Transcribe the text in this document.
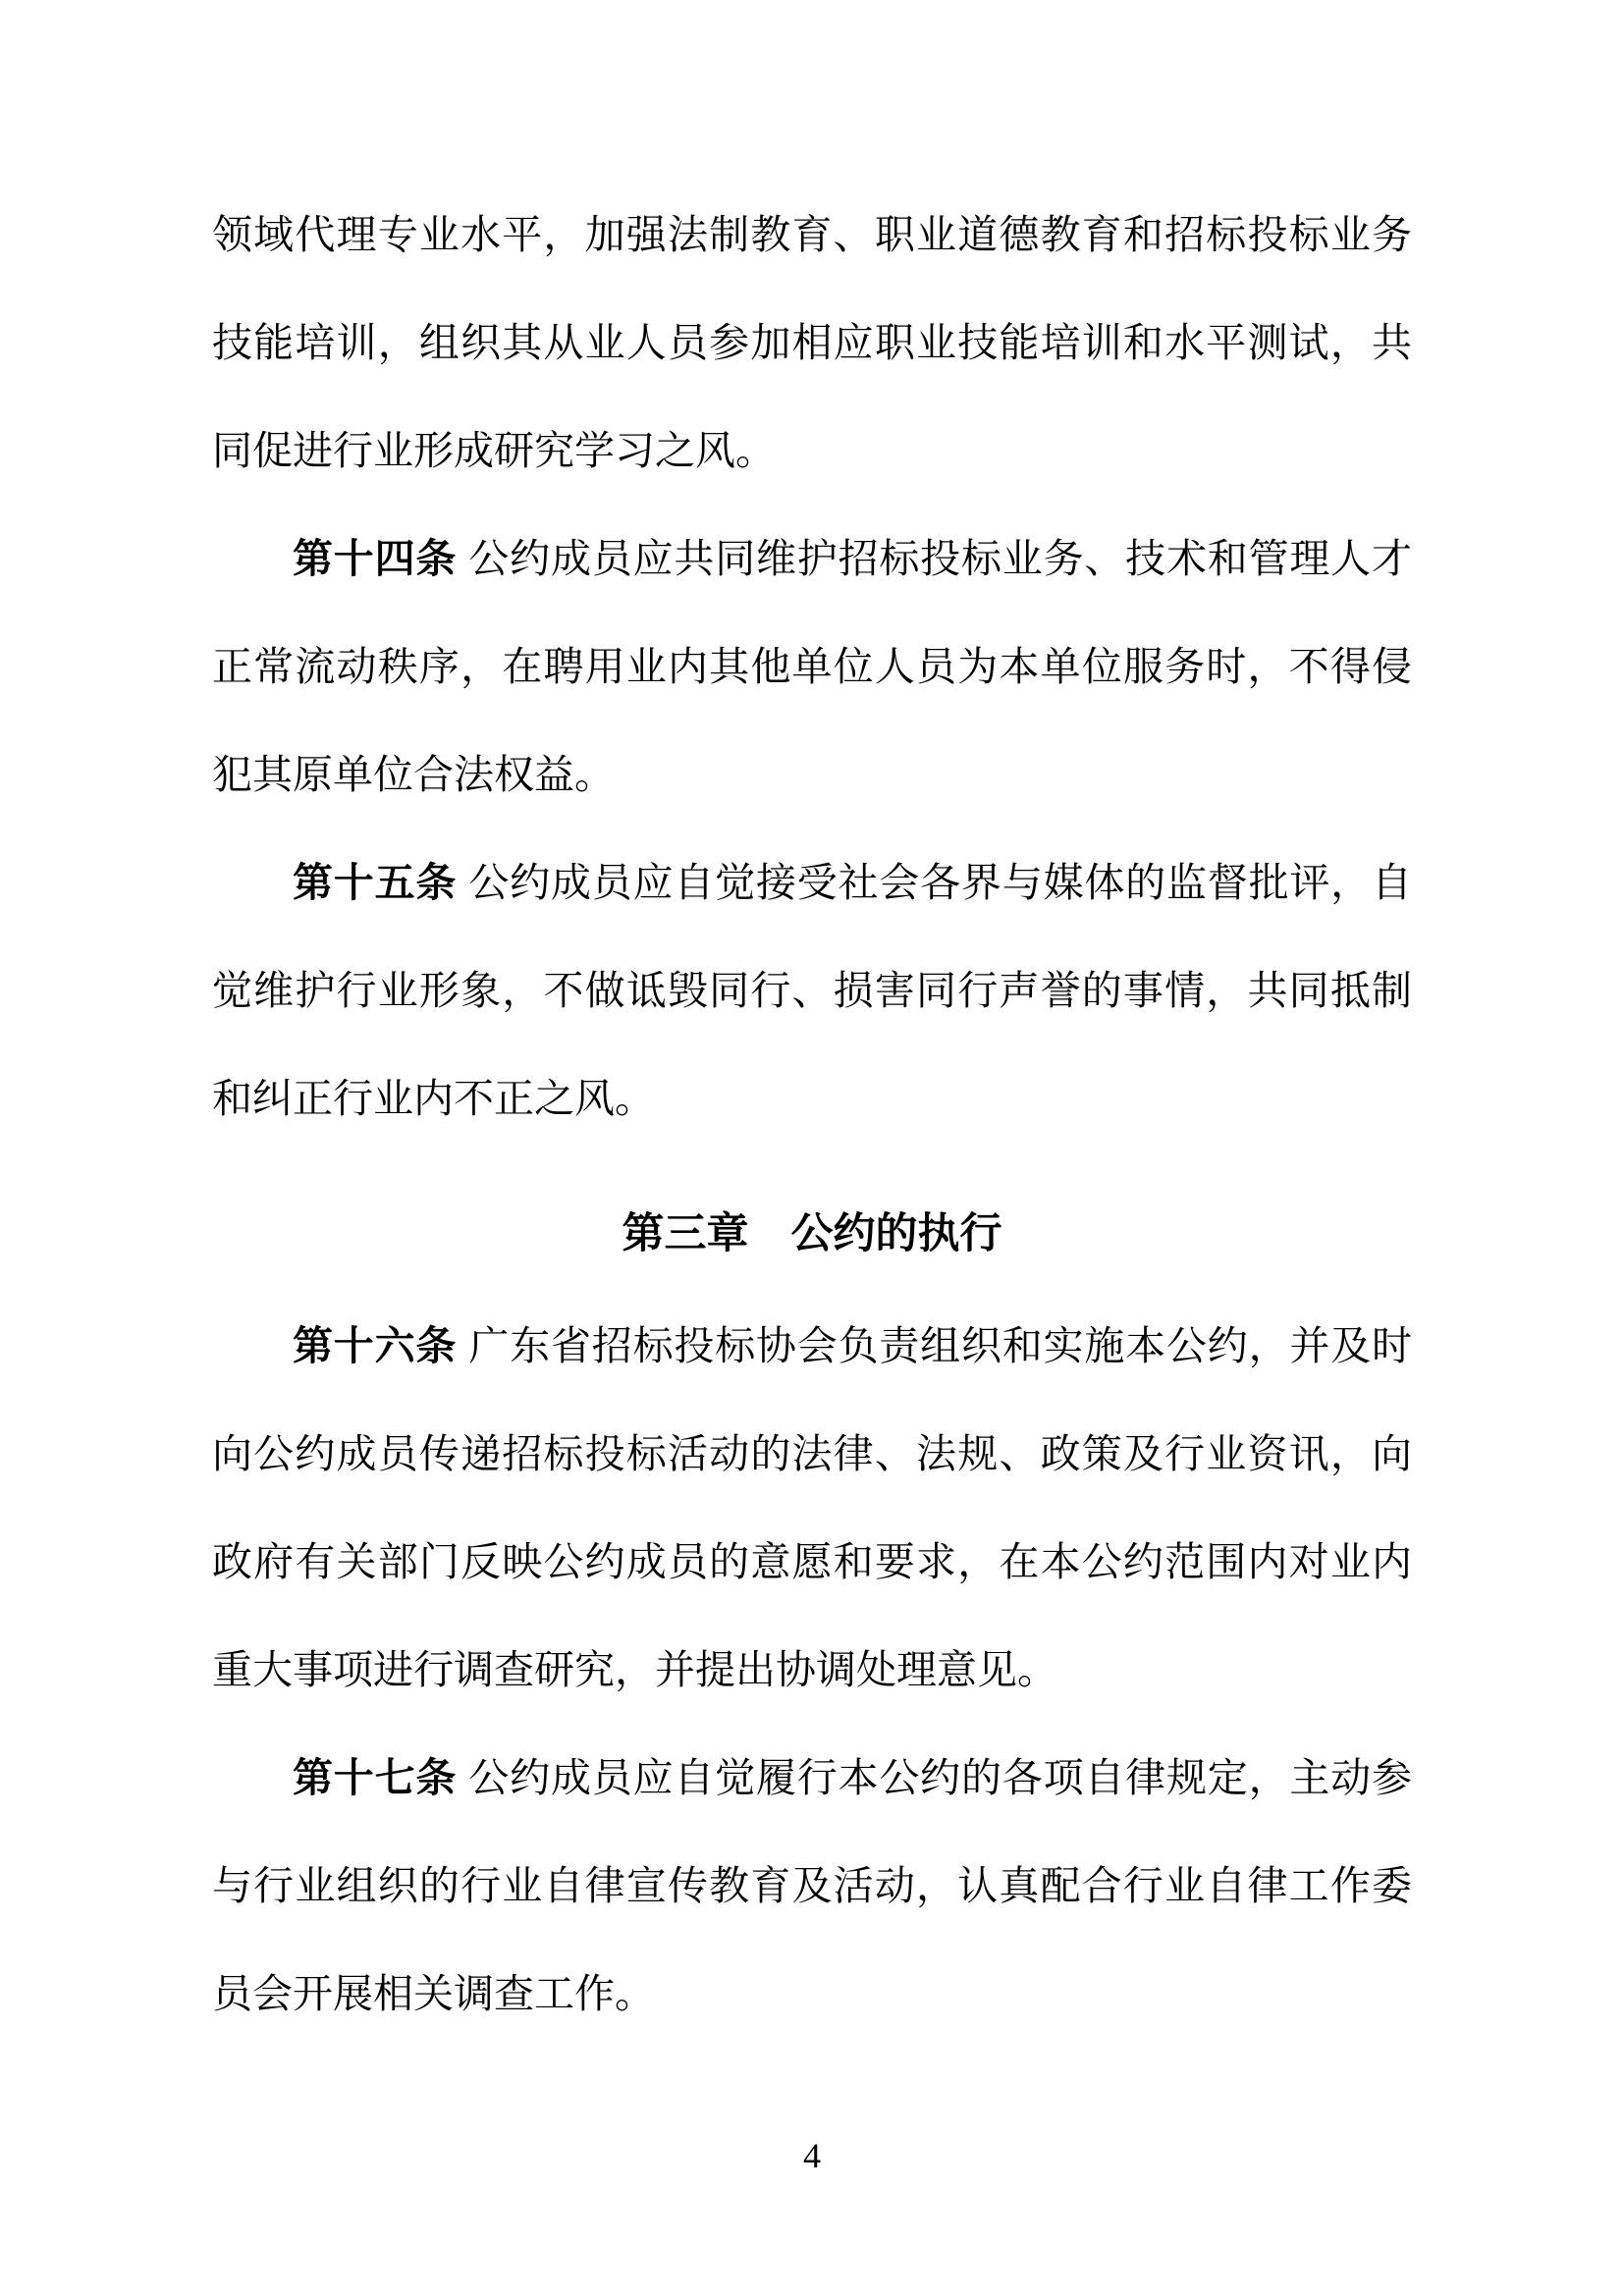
领域代理专业水平，加强法制教育、职业道德教育和招标投标业务
技能培训，组织其从业人员参加相应职业技能培训和水平测试，共
同促进行业形成研究学习之风。
第十四条 公约成员应共同维护招标投标业务、技术和管理人才
正常流动秩序，在聘用业内其他单位人员为本单位服务时，不得侵
犯其原单位合法权益。
第十五条 公约成员应自觉接受社会各界与媒体的监督批评，自
觉维护行业形象，不做诋毁同行、损害同行声誉的事情，共同抵制
和纠正行业内不正之风。
第三章　公约的执行
第十六条 广东省招标投标协会负责组织和实施本公约，并及时
向公约成员传递招标投标活动的法律、法规、政策及行业资讯，向
政府有关部门反映公约成员的意愿和要求，在本公约范围内对业内
重大事项进行调查研究，并提出协调处理意见。
第十七条 公约成员应自觉履行本公约的各项自律规定，主动参
与行业组织的行业自律宣传教育及活动，认真配合行业自律工作委
员会开展相关调查工作。
4
